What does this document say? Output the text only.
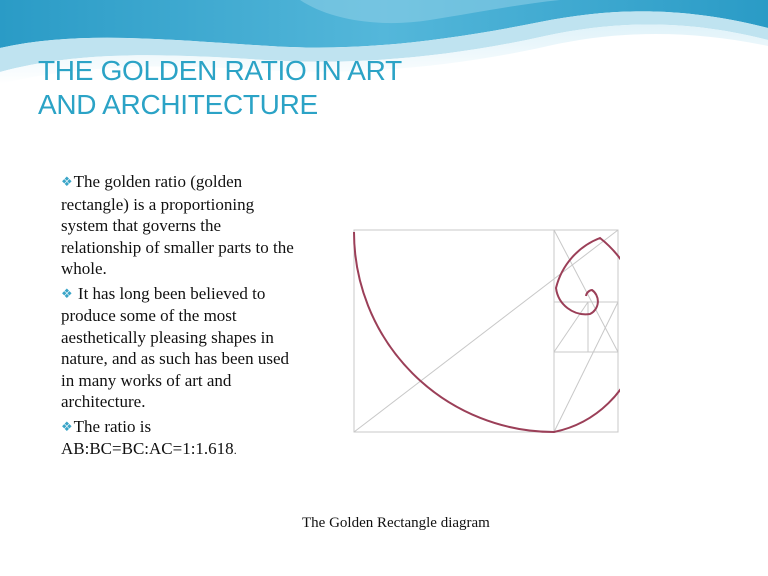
THE GOLDEN RATIO IN ART
AND ARCHITECTURE

❖The golden ratio (golden rectangle) is a proportioning system that governs the relationship of smaller parts to the whole.

❖ It has long been believed to produce some of the most aesthetically pleasing shapes in nature, and as such has been used in many works of art and architecture.

❖The ratio is AB:BC=BC:AC=1:1.618.

The Golden Rectangle diagram
